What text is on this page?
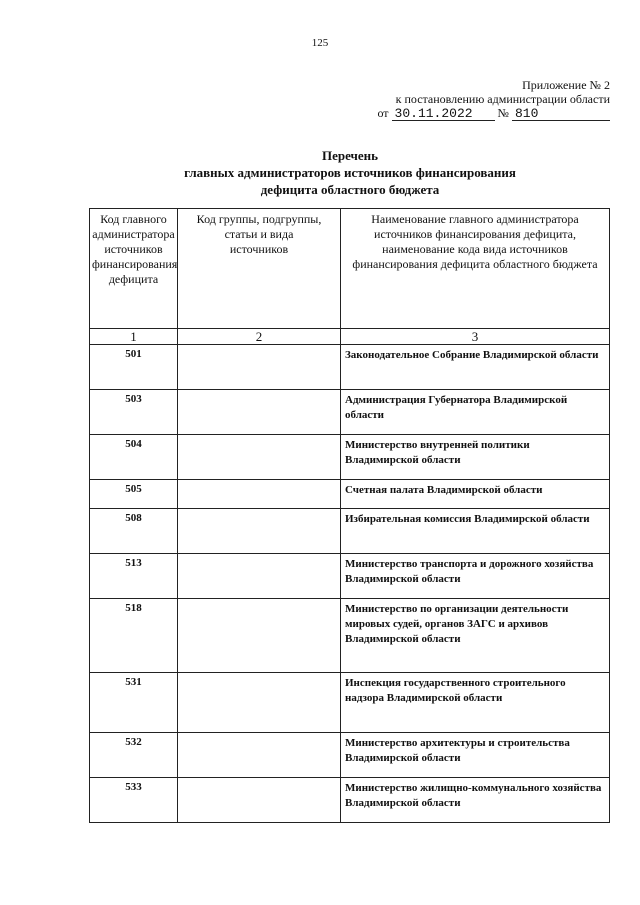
125
Приложение № 2
к постановлению администрации области
от 30.11.2022 № 810
Перечень
главных администраторов источников финансирования
дефицита областного бюджета
Код главного администратора источников финансирования дефицита	Код группы, подгруппы, статьи и вида источников	Наименование главного администратора источников финансирования дефицита, наименование кода вида источников финансирования дефицита областного бюджета
1	2	3
501		Законодательное Собрание Владимирской области
503		Администрация Губернатора Владимирской области
504		Министерство внутренней политики Владимирской области
505		Счетная палата Владимирской области
508		Избирательная комиссия Владимирской области
513		Министерство транспорта и дорожного хозяйства Владимирской области
518		Министерство по организации деятельности мировых судей, органов ЗАГС и архивов Владимирской области
531		Инспекция государственного строительного надзора Владимирской области
532		Министерство архитектуры и строительства Владимирской области
533		Министерство жилищно-коммунального хозяйства Владимирской области
